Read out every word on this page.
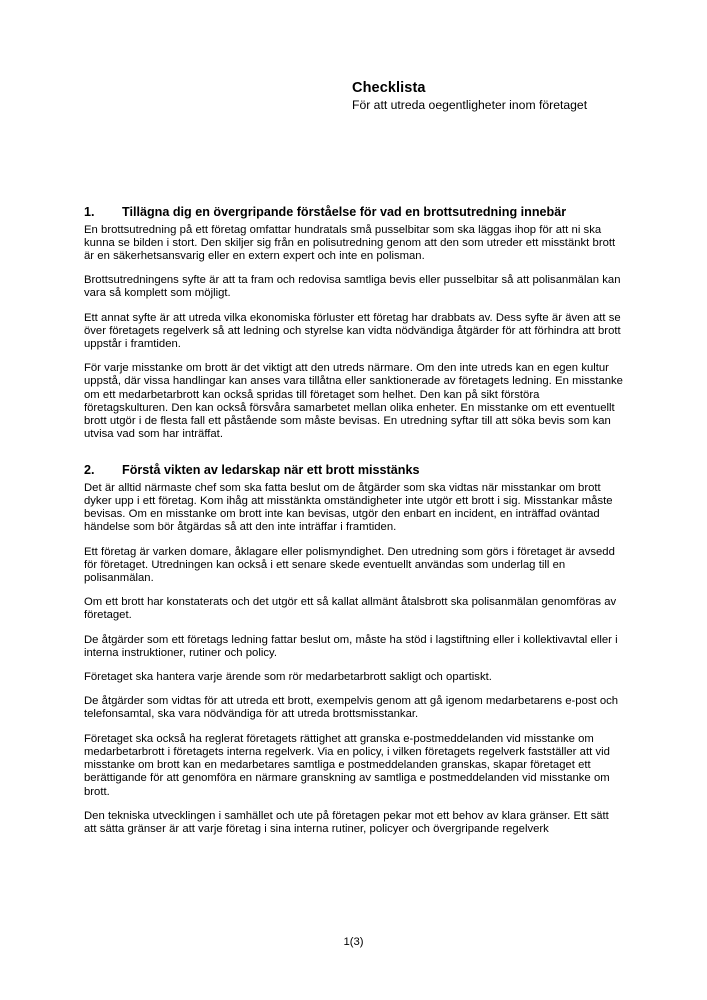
Checklista
För att utreda oegentligheter inom företaget
1.	Tillägna dig en övergripande förståelse för vad en brottsutredning innebär

En brottsutredning på ett företag omfattar hundratals små pusselbitar som ska läggas ihop för att ni ska kunna se bilden i stort. Den skiljer sig från en polisutredning genom att den som utreder ett misstänkt brott är en säkerhetsansvarig eller en extern expert och inte en polisman.

Brottsutredningens syfte är att ta fram och redovisa samtliga bevis eller pusselbitar så att polisanmälan kan vara så komplett som möjligt.

Ett annat syfte är att utreda vilka ekonomiska förluster ett företag har drabbats av. Dess syfte är även att se över företagets regelverk så att ledning och styrelse kan vidta nödvändiga åtgärder för att förhindra att brott uppstår i framtiden.

För varje misstanke om brott är det viktigt att den utreds närmare. Om den inte utreds kan en egen kultur uppstå, där vissa handlingar kan anses vara tillåtna eller sanktionerade av företagets ledning. En misstanke om ett medarbetarbrott kan också spridas till företaget som helhet. Den kan på sikt förstöra företagskulturen. Den kan också försvåra samarbetet mellan olika enheter. En misstanke om ett eventuellt brott utgör i de flesta fall ett påstående som måste bevisas. En utredning syftar till att söka bevis som kan utvisa vad som har inträffat.

2.	Förstå vikten av ledarskap när ett brott misstänks

Det är alltid närmaste chef som ska fatta beslut om de åtgärder som ska vidtas när misstankar om brott dyker upp i ett företag. Kom ihåg att misstänkta omständigheter inte utgör ett brott i sig. Misstankar måste bevisas. Om en misstanke om brott inte kan bevisas, utgör den enbart en incident, en inträffad oväntad händelse som bör åtgärdas så att den inte inträffar i framtiden.

Ett företag är varken domare, åklagare eller polismyndighet. Den utredning som görs i företaget är avsedd för företaget. Utredningen kan också i ett senare skede eventuellt användas som underlag till en polisanmälan.

Om ett brott har konstaterats och det utgör ett så kallat allmänt åtalsbrott ska polisanmälan genomföras av företaget.

De åtgärder som ett företags ledning fattar beslut om, måste ha stöd i lagstiftning eller i kollektivavtal eller i interna instruktioner, rutiner och policy.

Företaget ska hantera varje ärende som rör medarbetarbrott sakligt och opartiskt.

De åtgärder som vidtas för att utreda ett brott, exempelvis genom att gå igenom medarbetarens e-post och telefonsamtal, ska vara nödvändiga för att utreda brottsmisstankar.

Företaget ska också ha reglerat företagets rättighet att granska e-postmeddelanden vid misstanke om medarbetarbrott i företagets interna regelverk. Via en policy, i vilken företagets regelverk fastställer att vid misstanke om brott kan en medarbetares samtliga e postmeddelanden granskas, skapar företaget ett berättigande för att genomföra en närmare granskning av samtliga e postmeddelanden vid misstanke om brott.

Den tekniska utvecklingen i samhället och ute på företagen pekar mot ett behov av klara gränser. Ett sätt att sätta gränser är att varje företag i sina interna rutiner, policyer och övergripande regelverk

1(3)
